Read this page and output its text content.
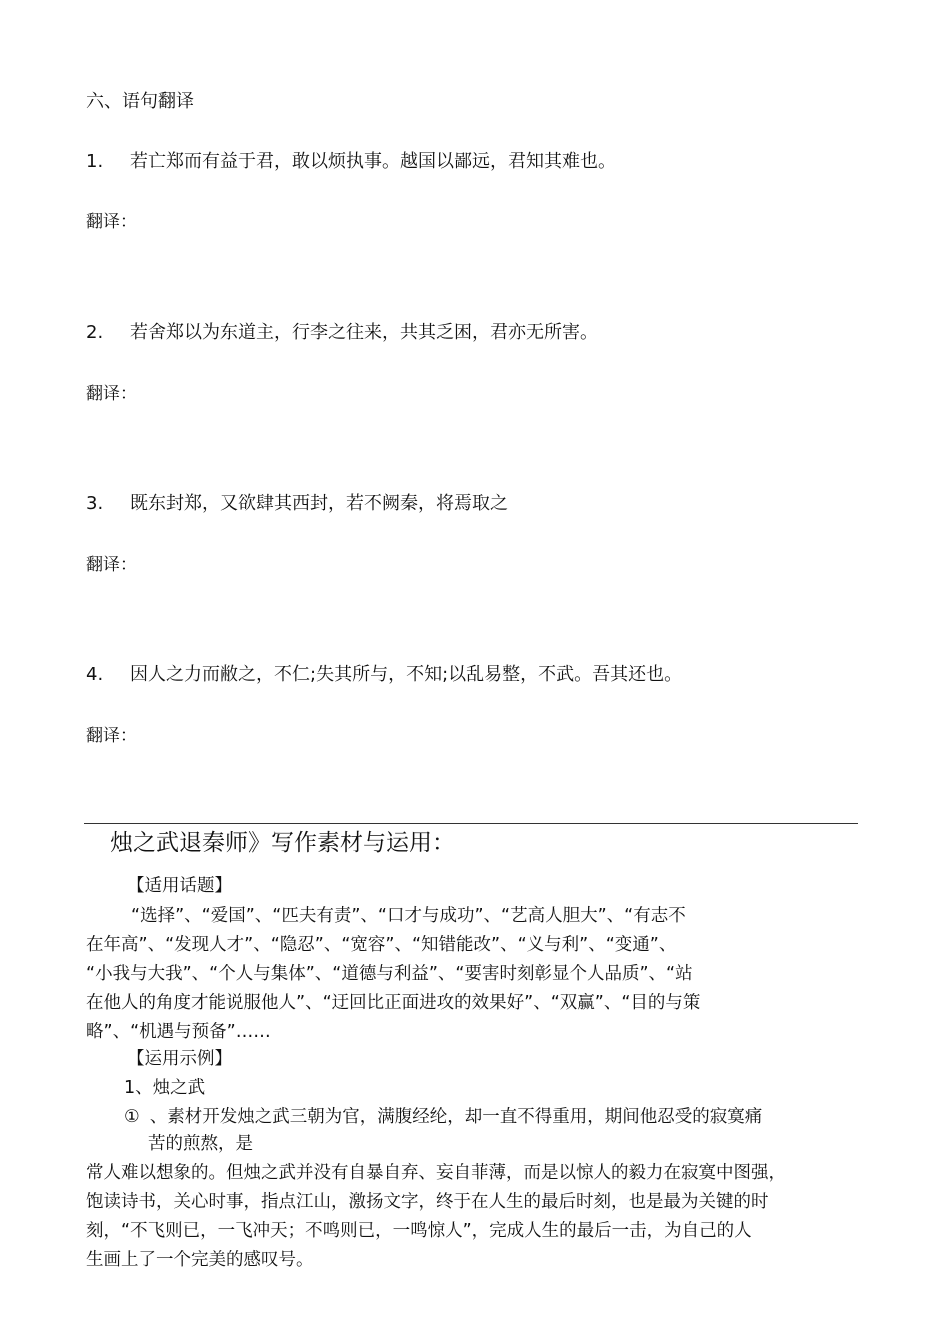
六、语句翻译
1. 若亡郑而有益于君，敢以烦执事。越国以鄙远，君知其难也。
翻译：
2. 若舍郑以为东道主，行李之往来，共其乏困，君亦无所害。
翻译：
3. 既东封郑，又欲肆其西封，若不阙秦，将焉取之
翻译：
4. 因人之力而敝之，不仁;失其所与，不知;以乱易整，不武。吾其还也。
翻译：
烛之武退秦师》写作素材与运用：
【适用话题】
“选择”、“爱国”、“匹夫有责”、“口才与成功”、“艺高人胆大”、“有志不
在年高”、“发现人才”、“隐忍”、“宽容”、“知错能改”、“义与利”、“变通”、
“小我与大我”、“个人与集体”、“道德与利益”、“要害时刻彰显个人品质”、“站
在他人的角度才能说服他人”、“迂回比正面进攻的效果好”、“双赢”、“目的与策
略”、“机遇与预备”……
【运用示例】
1、烛之武
① 、素材开发烛之武三朝为官，满腹经纶，却一直不得重用，期间他忍受的寂寞痛
苦的煎熬，是
常人难以想象的。但烛之武并没有自暴自弃、妄自菲薄，而是以惊人的毅力在寂寞中图强，
饱读诗书，关心时事，指点江山，激扬文字，终于在人生的最后时刻，也是最为关键的时
刻，“不飞则已，一飞冲天；不鸣则已，一鸣惊人”，完成人生的最后一击，为自己的人
生画上了一个完美的感叹号。
